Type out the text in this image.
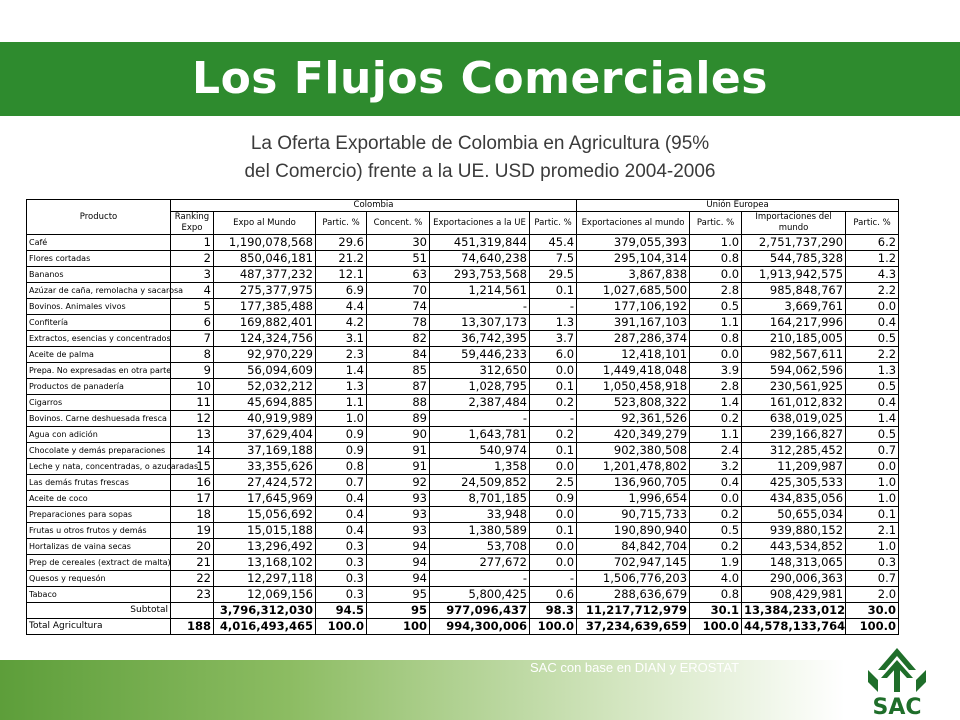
Los Flujos Comerciales
La Oferta Exportable de Colombia en Agricultura (95%
del Comercio) frente a la UE. USD promedio 2004-2006
Producto	Colombia						Unión Europea			
	Ranking Expo	Expo al Mundo	Partic. %	Concent. %	Exportaciones a la UE	Partic. %	Exportaciones al mundo	Partic. %	Importaciones del mundo	Partic. %
Café	1	1,190,078,568	29.6	30	451,319,844	45.4	379,055,393	1.0	2,751,737,290	6.2
Flores cortadas	2	850,046,181	21.2	51	74,640,238	7.5	295,104,314	0.8	544,785,328	1.2
Bananos	3	487,377,232	12.1	63	293,753,568	29.5	3,867,838	0.0	1,913,942,575	4.3
Azúzar de caña, remolacha y sacarosa	4	275,377,975	6.9	70	1,214,561	0.1	1,027,685,500	2.8	985,848,767	2.2
Bovinos. Animales vivos	5	177,385,488	4.4	74	-	-	177,106,192	0.5	3,669,761	0.0
Confitería	6	169,882,401	4.2	78	13,307,173	1.3	391,167,103	1.1	164,217,996	0.4
Extractos, esencias y concentrados	7	124,324,756	3.1	82	36,742,395	3.7	287,286,374	0.8	210,185,005	0.5
Aceite de palma	8	92,970,229	2.3	84	59,446,233	6.0	12,418,101	0.0	982,567,611	2.2
Prepa. No expresadas en otra parte	9	56,094,609	1.4	85	312,650	0.0	1,449,418,048	3.9	594,062,596	1.3
Productos de panadería	10	52,032,212	1.3	87	1,028,795	0.1	1,050,458,918	2.8	230,561,925	0.5
Cigarros	11	45,694,885	1.1	88	2,387,484	0.2	523,808,322	1.4	161,012,832	0.4
Bovinos. Carne deshuesada fresca	12	40,919,989	1.0	89	-	-	92,361,526	0.2	638,019,025	1.4
Agua con adición	13	37,629,404	0.9	90	1,643,781	0.2	420,349,279	1.1	239,166,827	0.5
Chocolate y demás preparaciones	14	37,169,188	0.9	91	540,974	0.1	902,380,508	2.4	312,285,452	0.7
Leche y nata, concentradas, o azucaradas	15	33,355,626	0.8	91	1,358	0.0	1,201,478,802	3.2	11,209,987	0.0
Las demás frutas frescas	16	27,424,572	0.7	92	24,509,852	2.5	136,960,705	0.4	425,305,533	1.0
Aceite de coco	17	17,645,969	0.4	93	8,701,185	0.9	1,996,654	0.0	434,835,056	1.0
Preparaciones para sopas	18	15,056,692	0.4	93	33,948	0.0	90,715,733	0.2	50,655,034	0.1
Frutas u otros frutos y demás	19	15,015,188	0.4	93	1,380,589	0.1	190,890,940	0.5	939,880,152	2.1
Hortalizas de vaina secas	20	13,296,492	0.3	94	53,708	0.0	84,842,704	0.2	443,534,852	1.0
Prep de cereales (extract de malta)	21	13,168,102	0.3	94	277,672	0.0	702,947,145	1.9	148,313,065	0.3
Quesos y requesón	22	12,297,118	0.3	94	-	-	1,506,776,203	4.0	290,006,363	0.7
Tabaco	23	12,069,156	0.3	95	5,800,425	0.6	288,636,679	0.8	908,429,981	2.0
Subtotal		3,796,312,030	94.5	95	977,096,437	98.3	11,217,712,979	30.1	13,384,233,012	30.0
Total Agricultura	188	4,016,493,465	100.0	100	994,300,006	100.0	37,234,639,659	100.0	44,578,133,764	100.0
SAC con base en DIAN y EROSTAT
SAC
